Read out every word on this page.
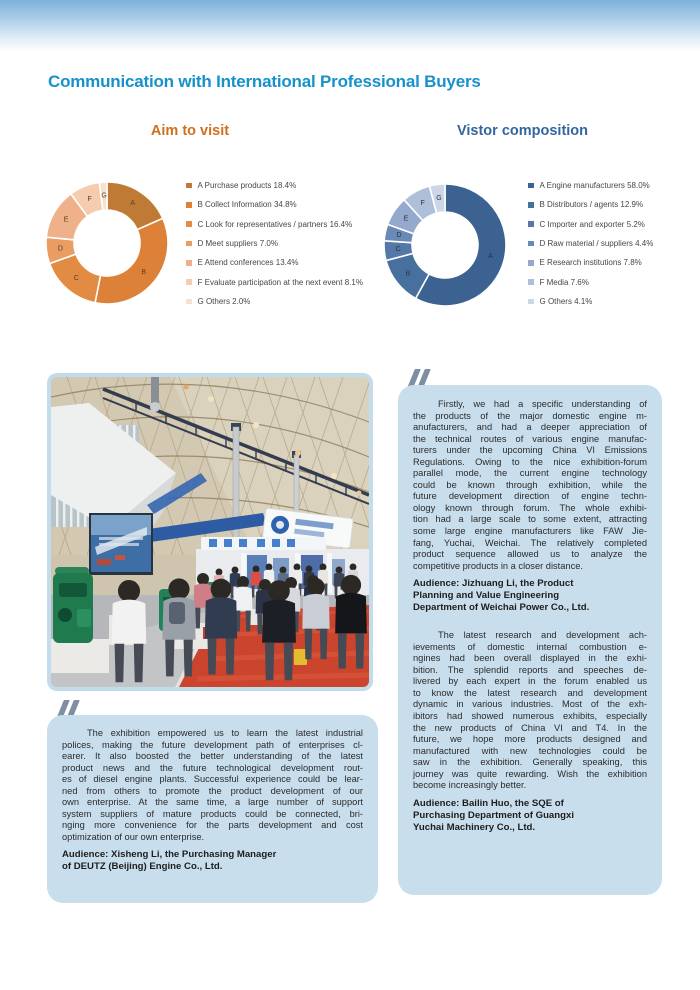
Communication with International Professional Buyers
Aim to visit
A
B
C
D
E
F G
A Purchase products 18.4%
B Collect Information 34.8%
C Look for representatives / partners 16.4%
D Meet suppliers 7.0%
E Attend conferences 13.4%
F Evaluate participation at the next event 8.1%
G Others 2.0%
Vistor composition
A
B
C
D
E
F
G
A Engine manufacturers 58.0%
B Distributors / agents 12.9%
C Importer and exporter 5.2%
D Raw material / suppliers 4.4%
E Research institutions 7.8%
F Media 7.6%
G Others 4.1%
The exhibition empowered us to learn the latest industrial
polices, making the future development path of enterprises cl-
earer. It also boosted the better understanding of the latest
product news and the future technological development rout-
es of diesel engine plants. Successful experience could be lear-
ned from others to promote the product development of our
own enterprise. At the same time, a large number of support
system suppliers of mature products could be connected, bri-
nging more convenience for the parts development and cost
optimization of our own enterprise.
Audience: Xisheng Li, the Purchasing Manager
of DEUTZ (Beijing) Engine Co., Ltd.
Firstly, we had a specific understanding of
the products of the major domestic engine m-
anufacturers, and had a deeper appreciation of
the technical routes of various engine manufac-
turers under the upcoming China VI Emissions
Regulations. Owing to the nice exhibition-forum
parallel mode, the current engine technology
could be known through exhibition, while the
future development direction of engine techn-
ology known through forum. The whole exhibi-
tion had a large scale to some extent, attracting
some large engine manufacturers like FAW Jie-
fang, Yuchai, Weichai. The relatively completed
product sequence allowed us to analyze the
competitive products in a closer distance.
Audience: Jizhuang Li, the Product
Planning and Value Engineering
Department of Weichai Power Co., Ltd.
The latest research and development ach-
ievements of domestic internal combustion e-
ngines had been overall displayed in the exhi-
bition. The splendid reports and speeches de-
livered by each expert in the forum enabled us
to know the latest research and development
dynamic in various industries. Most of the exh-
ibitors had showed numerous exhibits, especially
the new products of China VI and T4. In the
future, we hope more products designed and
manufactured with new technologies could be
saw in the exhibition. Generally speaking, this
journey was quite rewarding. Wish the exhibition
become increasingly better.
Audience: Bailin Huo, the SQE of
Purchasing Department of Guangxi
Yuchai Machinery Co., Ltd.
